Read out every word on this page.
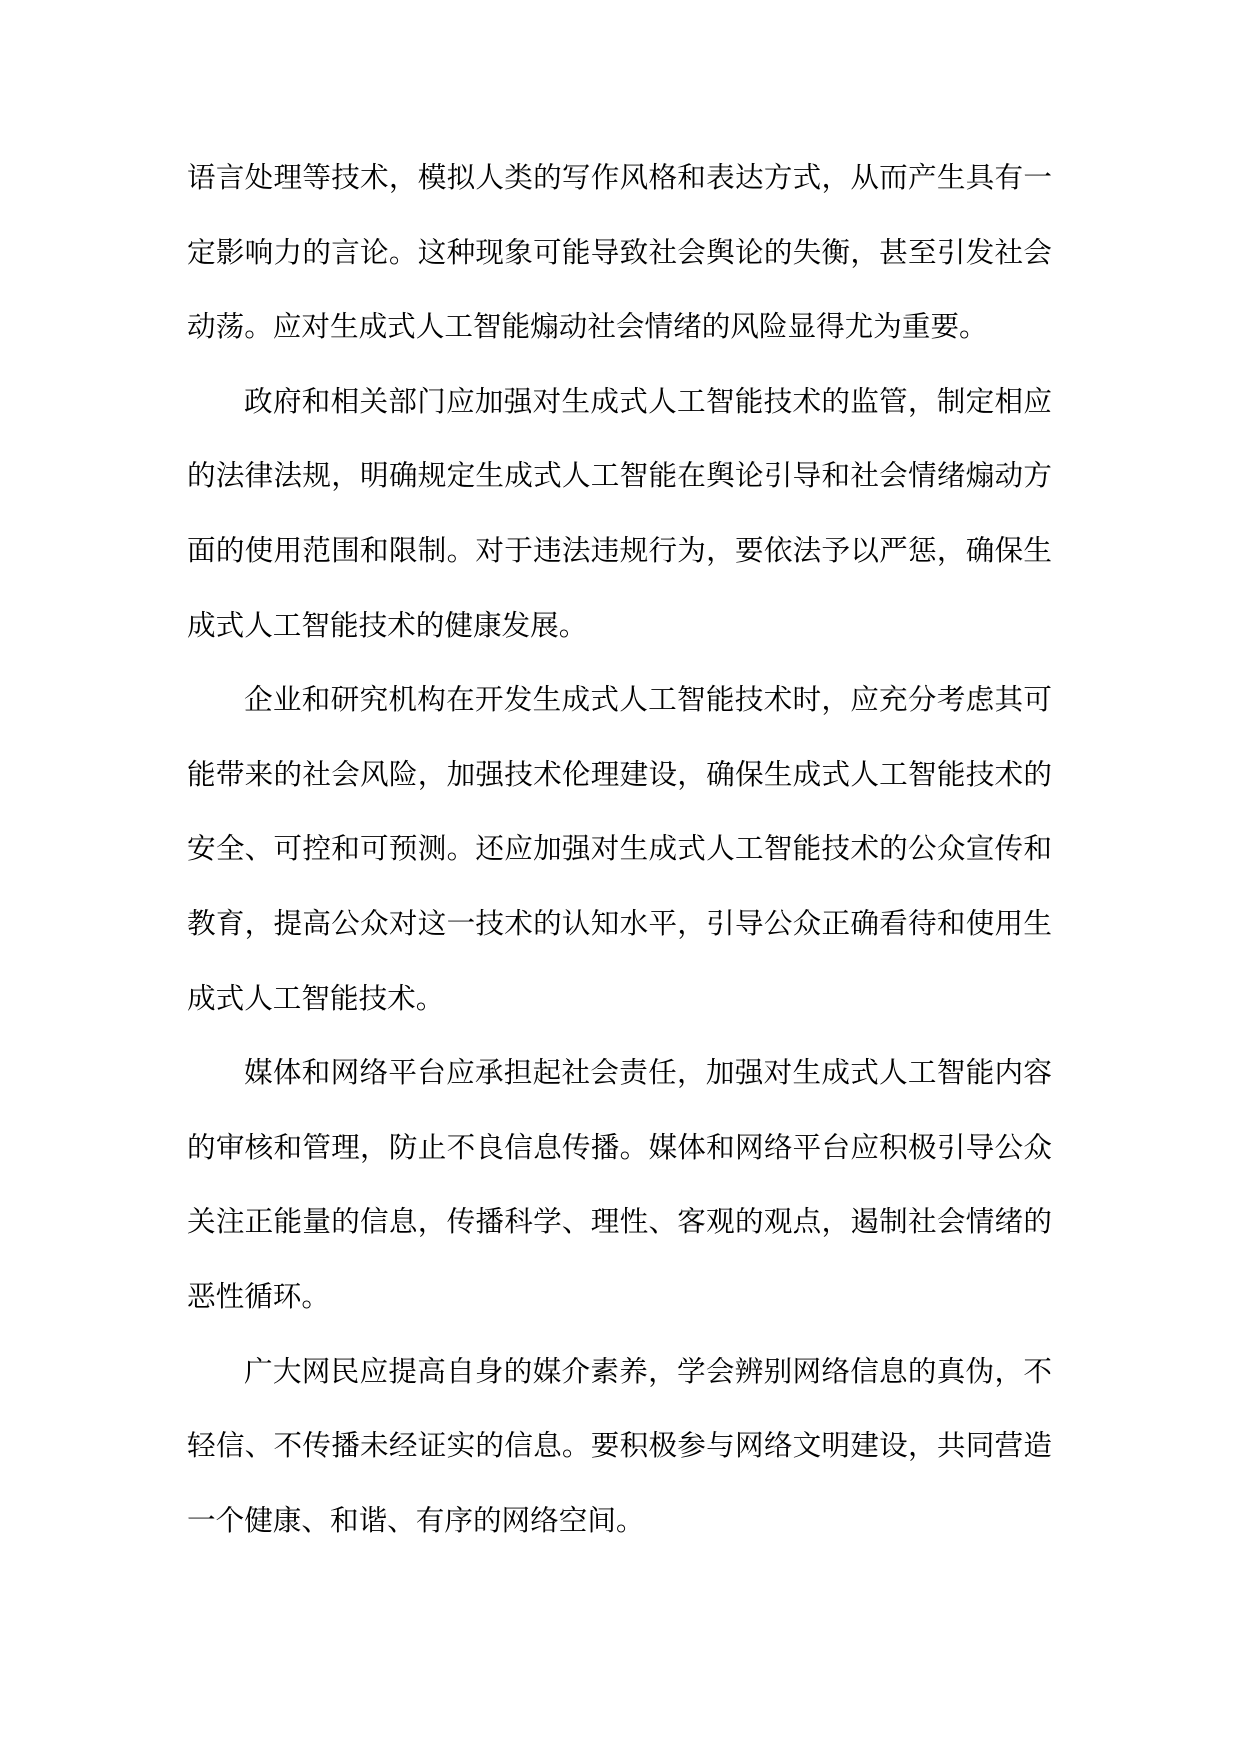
语言处理等技术，模拟人类的写作风格和表达方式，从而产生具有一定影响力的言论。这种现象可能导致社会舆论的失衡，甚至引发社会动荡。应对生成式人工智能煽动社会情绪的风险显得尤为重要。

政府和相关部门应加强对生成式人工智能技术的监管，制定相应的法律法规，明确规定生成式人工智能在舆论引导和社会情绪煽动方面的使用范围和限制。对于违法违规行为，要依法予以严惩，确保生成式人工智能技术的健康发展。

企业和研究机构在开发生成式人工智能技术时，应充分考虑其可能带来的社会风险，加强技术伦理建设，确保生成式人工智能技术的安全、可控和可预测。还应加强对生成式人工智能技术的公众宣传和教育，提高公众对这一技术的认知水平，引导公众正确看待和使用生成式人工智能技术。

媒体和网络平台应承担起社会责任，加强对生成式人工智能内容的审核和管理，防止不良信息传播。媒体和网络平台应积极引导公众关注正能量的信息，传播科学、理性、客观的观点，遏制社会情绪的恶性循环。

广大网民应提高自身的媒介素养，学会辨别网络信息的真伪，不轻信、不传播未经证实的信息。要积极参与网络文明建设，共同营造一个健康、和谐、有序的网络空间。
